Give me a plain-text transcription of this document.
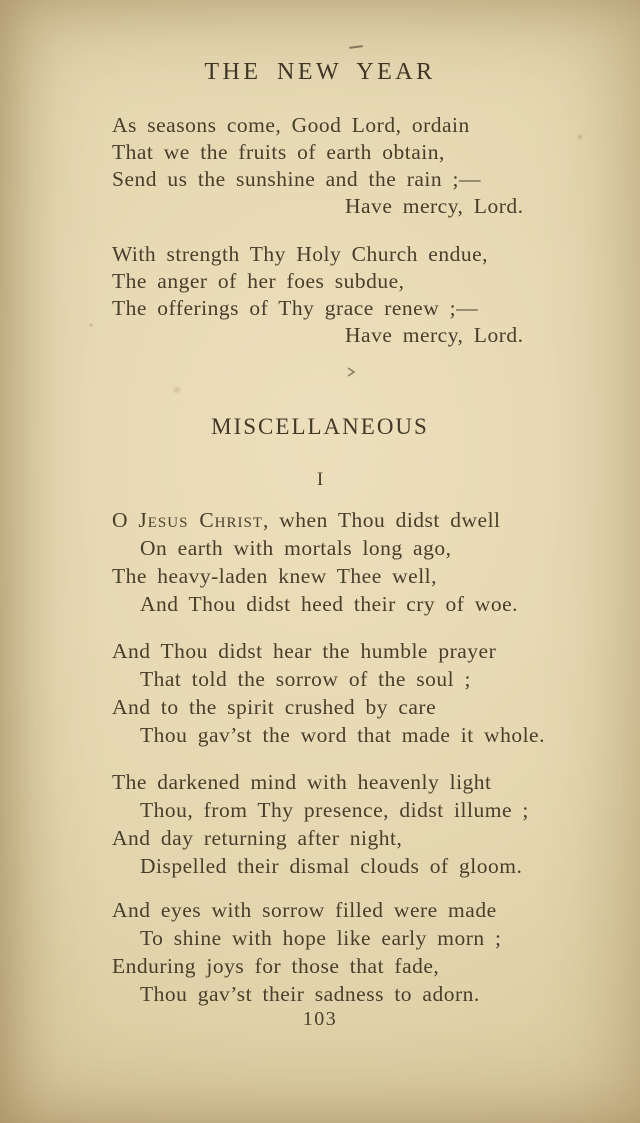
THE NEW YEAR
As seasons come, Good Lord, ordain
That we the fruits of earth obtain,
Send us the sunshine and the rain ;—
Have mercy, Lord.
With strength Thy Holy Church endue,
The anger of her foes subdue,
The offerings of Thy grace renew ;—
Have mercy, Lord.
MISCELLANEOUS
I
O Jesus Christ, when Thou didst dwell
On earth with mortals long ago,
The heavy-laden knew Thee well,
And Thou didst heed their cry of woe.
And Thou didst hear the humble prayer
That told the sorrow of the soul ;
And to the spirit crushed by care
Thou gav’st the word that made it whole.
The darkened mind with heavenly light
Thou, from Thy presence, didst illume ;
And day returning after night,
Dispelled their dismal clouds of gloom.
And eyes with sorrow filled were made
To shine with hope like early morn ;
Enduring joys for those that fade,
Thou gav’st their sadness to adorn.
103
